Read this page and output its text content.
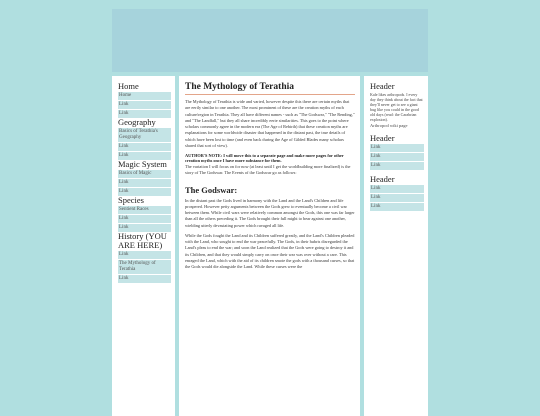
Home
Home
Link
Link
Geography
Basics of Terathia's Geography
Link
Link
Magic System
Basics of Magic
Link
Link
Species
Sentient Races
Link
Link
History (YOU ARE HERE)
Link
The Mythology of Terathia
Link
The Mythology of Terathia

The Mythology of Terathia is wide and varied, however despite this there are certain myths that are eerily similar to one another. The most prominent of these are the creation myths of each culture/region in Terathia. They all have different names - such as "The Godswar," "The Rending," and "The Landfall," but they all share incredibly eerie similarities. This goes to the point where scholars commonly agree in the modern era (The Age of Rebirth) that these creation myths are explanations for some worldwide disaster that happened in the distant past, the true details of which have been lost to time (and even back during the Age of Gilded Blades many scholars shared that sort of view).

AUTHOR'S NOTE: I will move this to a separate page and make more pages for other creation myths once I have more substance for them.

The variation I will focus on for now (at least until I get the worldbuilding more finalized) is the story of The Godswar. The Events of the Godswar go as follows:

The Godswar:

In the distant past the Gods lived in harmony with the Land and the Land's Children and life prospered. However petty arguments between the Gods grew to eventually become a civil war between them. While civil wars were relatively common amongst the Gods, this one was far larger than all the others preceding it. The Gods brought their full might to bear against one another, wielding utterly devastating power which ravaged all life.

While the Gods fought the Land and its Children suffered greatly, and the Land's Children pleaded with the Land, who sought to end the war peacefully. The Gods, in their hubris disregarded the Land's pleas to end the war; and soon the Land realized that the Gods were going to destroy it and its Children, and that they would simply carry on once their war was over without a care. This enraged the Land, which with the aid of its children smote the gods with a thousand curses, so that the Gods would die alongside the Land. While these curses were the

Header

Kale likes arthropods. I every day they think about the fact that they'll never get to see a giant bug like you could in the good old days (read: the Carabrian explosion).

Arthropod wiki page
Header
Link
Link
Link
Header
Link
Link
Link
